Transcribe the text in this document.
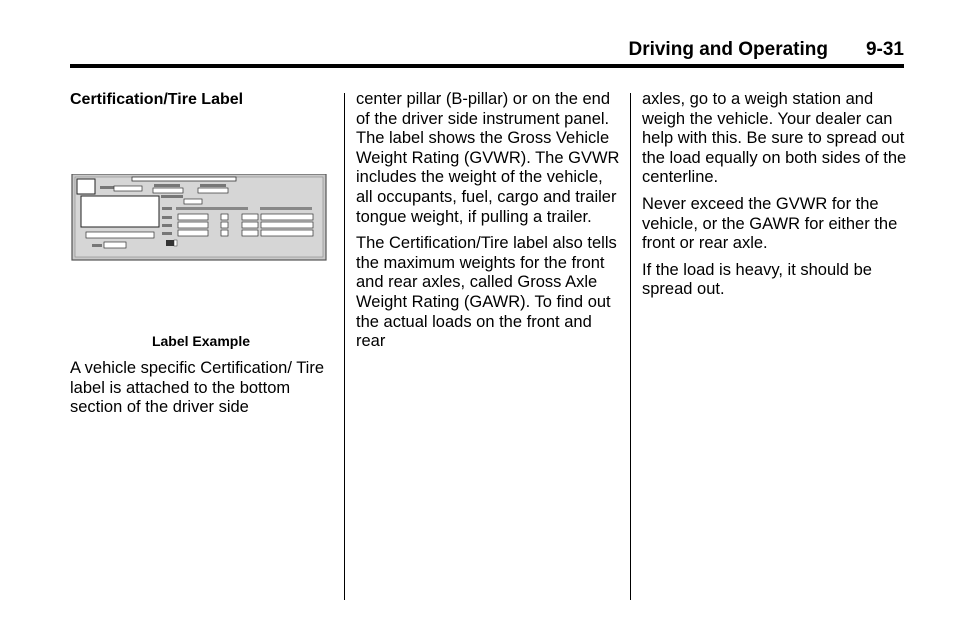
Driving and Operating 9-31
Certification/Tire Label
Label Example

A vehicle specific Certification/ Tire label is attached to the bottom section of the driver side

center pillar (B-pillar) or on the end of the driver side instrument panel. The label shows the Gross Vehicle Weight Rating (GVWR). The GVWR includes the weight of the vehicle, all occupants, fuel, cargo and trailer tongue weight, if pulling a trailer.

The Certification/Tire label also tells the maximum weights for the front and rear axles, called Gross Axle Weight Rating (GAWR). To find out the actual loads on the front and rear

axles, go to a weigh station and weigh the vehicle. Your dealer can help with this. Be sure to spread out the load equally on both sides of the centerline.

Never exceed the GVWR for the vehicle, or the GAWR for either the front or rear axle.

If the load is heavy, it should be spread out.
